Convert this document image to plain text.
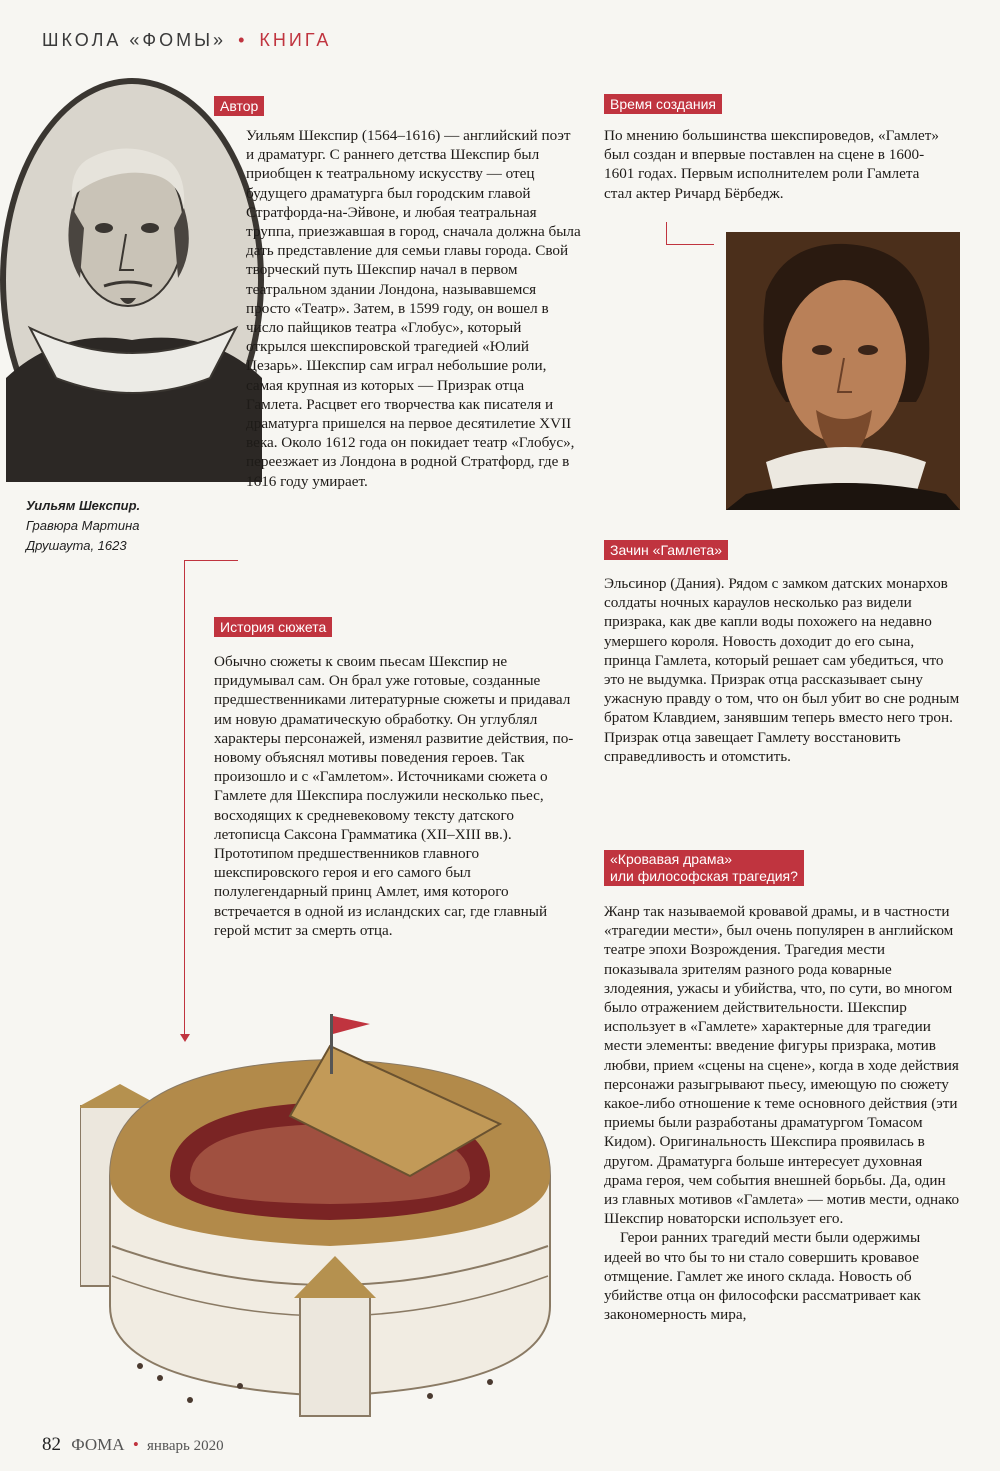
ШКОЛА «ФОМЫ» • КНИГА
Уильям Шекспир.
Гравюра Мартина Друшаута, 1623
Автор

Уильям Шекспир (1564–1616) — английский поэт и драматург. С раннего детства Шекспир был приобщен к театральному искусству — отец будущего драматурга был городским главой Стратфорда-на-Эйвоне, и любая театральная труппа, приезжавшая в город, сначала должна была дать представление для семьи главы города. Свой творческий путь Шекспир начал в первом театральном здании Лондона, называвшемся просто «Театр». Затем, в 1599 году, он вошел в число пайщиков театра «Глобус», который открылся шекспировской трагедией «Юлий Цезарь». Шекспир сам играл небольшие роли, самая крупная из которых — Призрак отца Гамлета. Расцвет его творчества как писателя и драматурга пришелся на первое десятилетие XVII века. Около 1612 года он покидает театр «Глобус», переезжает из Лондона в родной Стратфорд, где в 1616 году умирает.

Время создания

По мнению большинства шекспироведов, «Гамлет» был создан и впервые поставлен на сцене в 1600-1601 годах. Первым исполнителем роли Гамлета стал актер Ричард Бёрбедж.

Зачин «Гамлета»

Эльсинор (Дания). Рядом с замком датских монархов солдаты ночных караулов несколько раз видели призрака, как две капли воды похожего на недавно умершего короля. Новость доходит до его сына, принца Гамлета, который решает сам убедиться, что это не выдумка. Призрак отца рассказывает сыну ужасную правду о том, что он был убит во сне родным братом Клавдием, занявшим теперь вместо него трон. Призрак отца завещает Гамлету восстановить справедливость и отомстить.

История сюжета

Обычно сюжеты к своим пьесам Шекспир не придумывал сам. Он брал уже готовые, созданные предшественниками литературные сюжеты и придавал им новую драматическую обработку. Он углублял характеры персонажей, изменял развитие действия, по-новому объяснял мотивы поведения героев. Так произошло и с «Гамлетом». Источниками сюжета о Гамлете для Шекспира послужили несколько пьес, восходящих к средневековому тексту датского летописца Саксона Грамматика (XII–XIII вв.). Прототипом предшественников главного шекспировского героя и его самого был полулегендарный принц Амлет, имя которого встречается в одной из исландских саг, где главный герой мстит за смерть отца.

«Кровавая драма»
или философская трагедия?

Жанр так называемой кровавой драмы, и в частности «трагедии мести», был очень популярен в английском театре эпохи Возрождения. Трагедия мести показывала зрителям разного рода коварные злодеяния, ужасы и убийства, что, по сути, во многом было отражением действительности. Шекспир использует в «Гамлете» характерные для трагедии мести элементы: введение фигуры призрака, мотив любви, прием «сцены на сцене», когда в ходе действия персонажи разыгрывают пьесу, имеющую по сюжету какое-либо отношение к теме основного действия (эти приемы были разработаны драматургом Томасом Кидом). Оригинальность Шекспира проявилась в другом. Драматурга больше интересует духовная драма героя, чем события внешней борьбы. Да, один из главных мотивов «Гамлета» — мотив мести, однако Шекспир новаторски использует его.

Герои ранних трагедий мести были одержимы идеей во что бы то ни стало совершить кровавое отмщение. Гамлет же иного склада. Новость об убийстве отца он философски рассматривает как закономерность мира,

82 ФОМА • январь 2020
